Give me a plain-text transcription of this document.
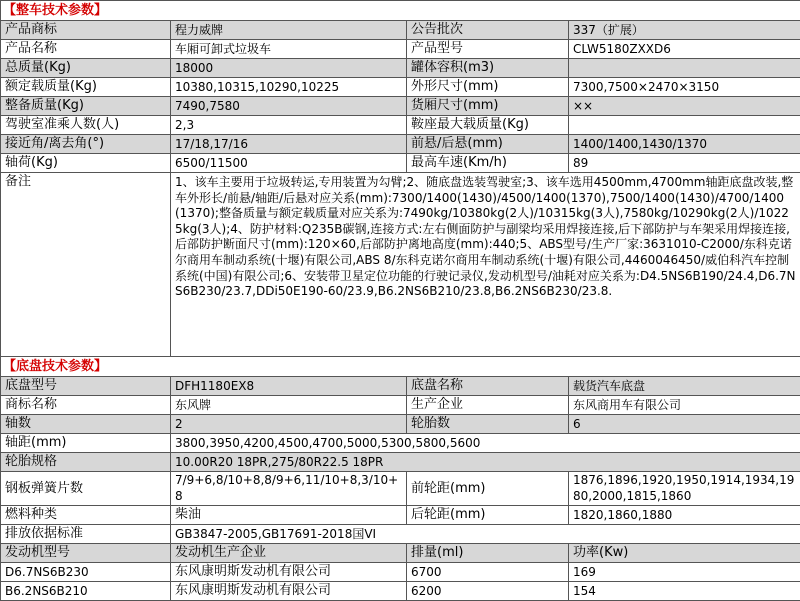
【整车技术参数】			
产品商标	程力威牌	公告批次	337（扩展）
产品名称	车厢可卸式垃圾车	产品型号	CLW5180ZXXD6
总质量(Kg)	18000	罐体容积(m3)	
额定载质量(Kg)	10380,10315,10290,10225	外形尺寸(mm)	7300,7500×2470×3150
整备质量(Kg)	7490,7580	货厢尺寸(mm)	××
驾驶室准乘人数(人)	2,3	鞍座最大载质量(Kg)	
接近角/离去角(°)	17/18,17/16	前悬/后悬(mm)	1400/1400,1430/1370
轴荷(Kg)	6500/11500	最高车速(Km/h)	89
备注	1、该车主要用于垃圾转运,专用装置为勾臂;2、随底盘选装驾驶室;3、该车选用4500mm,4700mm轴距底盘改装,整车外形长/前悬/轴距/后悬对应关系(mm):7300/1400(1430)/4500/1400(1370),7500/1400(1430)/4700/1400(1370);整备质量与额定载质量对应关系为:7490kg/10380kg(2人)/10315kg(3人),7580kg/10290kg(2人)/10225kg(3人);4、防护材料:Q235B碳钢,连接方式:左右侧面防护与副梁均采用焊接连接,后下部防护与车架采用焊接连接,后部防护断面尺寸(mm):120×60,后部防护离地高度(mm):440;5、ABS型号/生产厂家:3631010-C2000/东科克诺尔商用车制动系统(十堰)有限公司,ABS 8/东科克诺尔商用车制动系统(十堰)有限公司,4460046450/威伯科汽车控制系统(中国)有限公司;6、安装带卫星定位功能的行驶记录仪,发动机型号/油耗对应关系为:D4.5NS6B190/24.4,D6.7NS6B230/23.7,DDi50E190-60/23.9,B6.2NS6B210/23.8,B6.2NS6B230/23.8.		
【底盘技术参数】			
底盘型号	DFH1180EX8	底盘名称	载货汽车底盘
商标名称	东风牌	生产企业	东风商用车有限公司
轴数	2	轮胎数	6
轴距(mm)	3800,3950,4200,4500,4700,5000,5300,5800,5600		
轮胎规格	10.00R20 18PR,275/80R22.5 18PR		
钢板弹簧片数	7/9+6,8/10+8,8/9+6,11/10+8,3/10+8	前轮距(mm)	1876,1896,1920,1950,1914,1934,1980,2000,1815,1860
燃料种类	柴油	后轮距(mm)	1820,1860,1880
排放依据标准	GB3847-2005,GB17691-2018国VI		
发动机型号	发动机生产企业	排量(ml)	功率(Kw)
D6.7NS6B230	东风康明斯发动机有限公司	6700	169
B6.2NS6B210	东风康明斯发动机有限公司	6200	154
